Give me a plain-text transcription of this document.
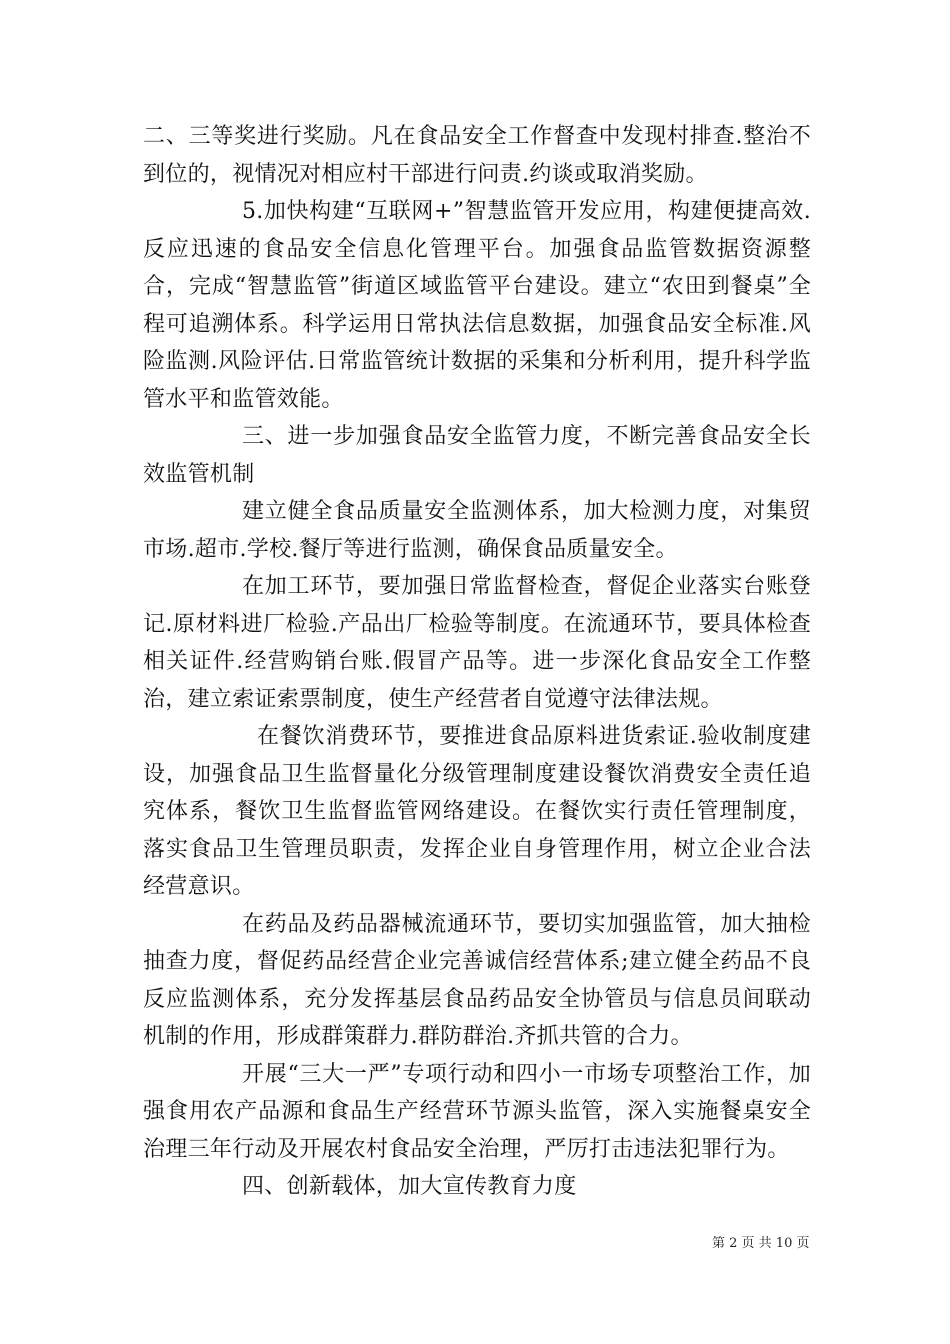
二、三等奖进行奖励。凡在食品安全工作督查中发现村排查.整治不到位的，视情况对相应村干部进行问责.约谈或取消奖励。

5.加快构建“互联网+”智慧监管开发应用，构建便捷高效.反应迅速的食品安全信息化管理平台。加强食品监管数据资源整合，完成“智慧监管”街道区域监管平台建设。建立“农田到餐桌”全程可追溯体系。科学运用日常执法信息数据，加强食品安全标准.风险监测.风险评估.日常监管统计数据的采集和分析利用，提升科学监管水平和监管效能。

三、进一步加强食品安全监管力度，不断完善食品安全长效监管机制

建立健全食品质量安全监测体系，加大检测力度，对集贸市场.超市.学校.餐厅等进行监测，确保食品质量安全。

在加工环节，要加强日常监督检查，督促企业落实台账登记.原材料进厂检验.产品出厂检验等制度。在流通环节，要具体检查相关证件.经营购销台账.假冒产品等。进一步深化食品安全工作整治，建立索证索票制度，使生产经营者自觉遵守法律法规。

在餐饮消费环节，要推进食品原料进货索证.验收制度建设，加强食品卫生监督量化分级管理制度建设餐饮消费安全责任追究体系，餐饮卫生监督监管网络建设。在餐饮实行责任管理制度，落实食品卫生管理员职责，发挥企业自身管理作用，树立企业合法经营意识。

在药品及药品器械流通环节，要切实加强监管，加大抽检抽查力度，督促药品经营企业完善诚信经营体系;建立健全药品不良反应监测体系，充分发挥基层食品药品安全协管员与信息员间联动机制的作用，形成群策群力.群防群治.齐抓共管的合力。

开展“三大一严”专项行动和四小一市场专项整治工作，加强食用农产品源和食品生产经营环节源头监管，深入实施餐桌安全治理三年行动及开展农村食品安全治理，严厉打击违法犯罪行为。

四、创新载体，加大宣传教育力度

第 2 页 共 10 页
